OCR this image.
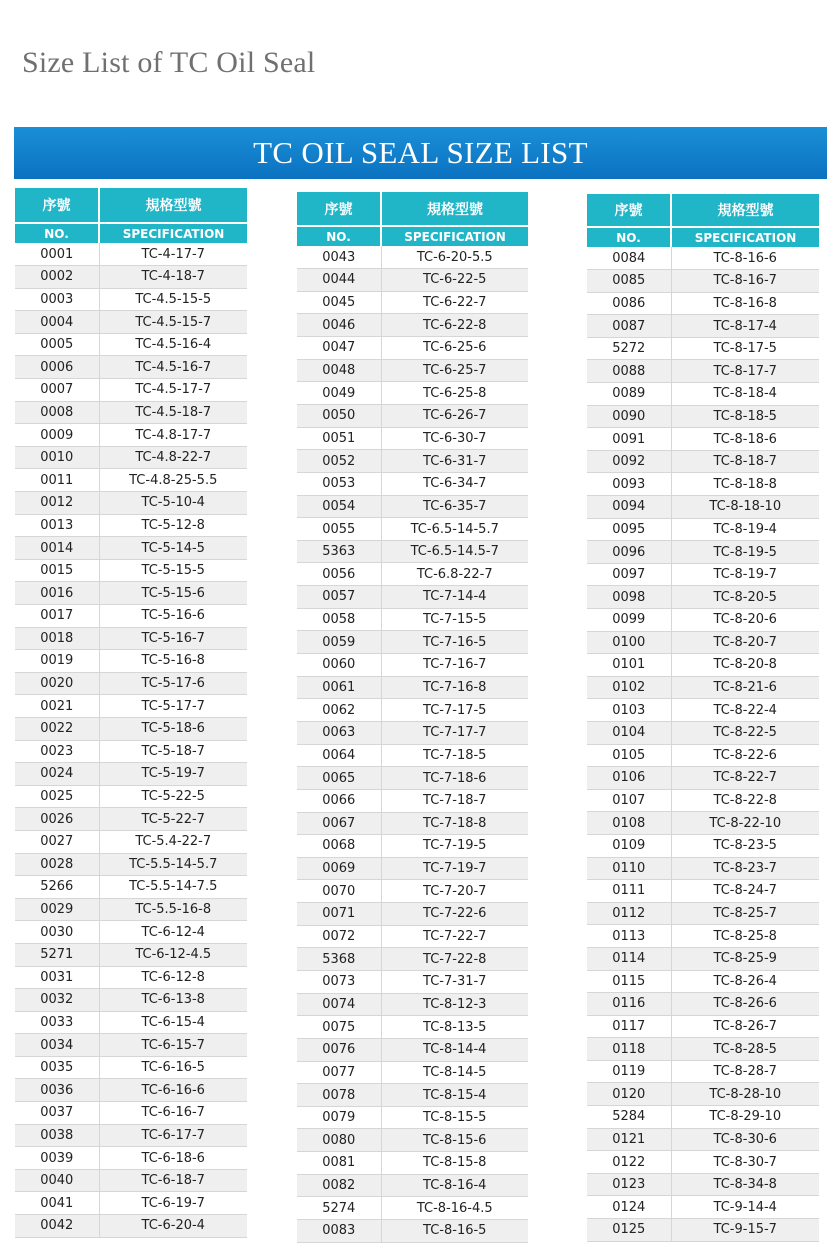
Size List of TC Oil Seal
TC OIL SEAL SIZE LIST
序號	規格型號
NO.	SPECIFICATION
0001	TC-4-17-7
0002	TC-4-18-7
0003	TC-4.5-15-5
0004	TC-4.5-15-7
0005	TC-4.5-16-4
0006	TC-4.5-16-7
0007	TC-4.5-17-7
0008	TC-4.5-18-7
0009	TC-4.8-17-7
0010	TC-4.8-22-7
0011	TC-4.8-25-5.5
0012	TC-5-10-4
0013	TC-5-12-8
0014	TC-5-14-5
0015	TC-5-15-5
0016	TC-5-15-6
0017	TC-5-16-6
0018	TC-5-16-7
0019	TC-5-16-8
0020	TC-5-17-6
0021	TC-5-17-7
0022	TC-5-18-6
0023	TC-5-18-7
0024	TC-5-19-7
0025	TC-5-22-5
0026	TC-5-22-7
0027	TC-5.4-22-7
0028	TC-5.5-14-5.7
5266	TC-5.5-14-7.5
0029	TC-5.5-16-8
0030	TC-6-12-4
5271	TC-6-12-4.5
0031	TC-6-12-8
0032	TC-6-13-8
0033	TC-6-15-4
0034	TC-6-15-7
0035	TC-6-16-5
0036	TC-6-16-6
0037	TC-6-16-7
0038	TC-6-17-7
0039	TC-6-18-6
0040	TC-6-18-7
0041	TC-6-19-7
0042	TC-6-20-4
序號	規格型號
NO.	SPECIFICATION
0043	TC-6-20-5.5
0044	TC-6-22-5
0045	TC-6-22-7
0046	TC-6-22-8
0047	TC-6-25-6
0048	TC-6-25-7
0049	TC-6-25-8
0050	TC-6-26-7
0051	TC-6-30-7
0052	TC-6-31-7
0053	TC-6-34-7
0054	TC-6-35-7
0055	TC-6.5-14-5.7
5363	TC-6.5-14.5-7
0056	TC-6.8-22-7
0057	TC-7-14-4
0058	TC-7-15-5
0059	TC-7-16-5
0060	TC-7-16-7
0061	TC-7-16-8
0062	TC-7-17-5
0063	TC-7-17-7
0064	TC-7-18-5
0065	TC-7-18-6
0066	TC-7-18-7
0067	TC-7-18-8
0068	TC-7-19-5
0069	TC-7-19-7
0070	TC-7-20-7
0071	TC-7-22-6
0072	TC-7-22-7
5368	TC-7-22-8
0073	TC-7-31-7
0074	TC-8-12-3
0075	TC-8-13-5
0076	TC-8-14-4
0077	TC-8-14-5
0078	TC-8-15-4
0079	TC-8-15-5
0080	TC-8-15-6
0081	TC-8-15-8
0082	TC-8-16-4
5274	TC-8-16-4.5
0083	TC-8-16-5
序號	規格型號
NO.	SPECIFICATION
0084	TC-8-16-6
0085	TC-8-16-7
0086	TC-8-16-8
0087	TC-8-17-4
5272	TC-8-17-5
0088	TC-8-17-7
0089	TC-8-18-4
0090	TC-8-18-5
0091	TC-8-18-6
0092	TC-8-18-7
0093	TC-8-18-8
0094	TC-8-18-10
0095	TC-8-19-4
0096	TC-8-19-5
0097	TC-8-19-7
0098	TC-8-20-5
0099	TC-8-20-6
0100	TC-8-20-7
0101	TC-8-20-8
0102	TC-8-21-6
0103	TC-8-22-4
0104	TC-8-22-5
0105	TC-8-22-6
0106	TC-8-22-7
0107	TC-8-22-8
0108	TC-8-22-10
0109	TC-8-23-5
0110	TC-8-23-7
0111	TC-8-24-7
0112	TC-8-25-7
0113	TC-8-25-8
0114	TC-8-25-9
0115	TC-8-26-4
0116	TC-8-26-6
0117	TC-8-26-7
0118	TC-8-28-5
0119	TC-8-28-7
0120	TC-8-28-10
5284	TC-8-29-10
0121	TC-8-30-6
0122	TC-8-30-7
0123	TC-8-34-8
0124	TC-9-14-4
0125	TC-9-15-7
